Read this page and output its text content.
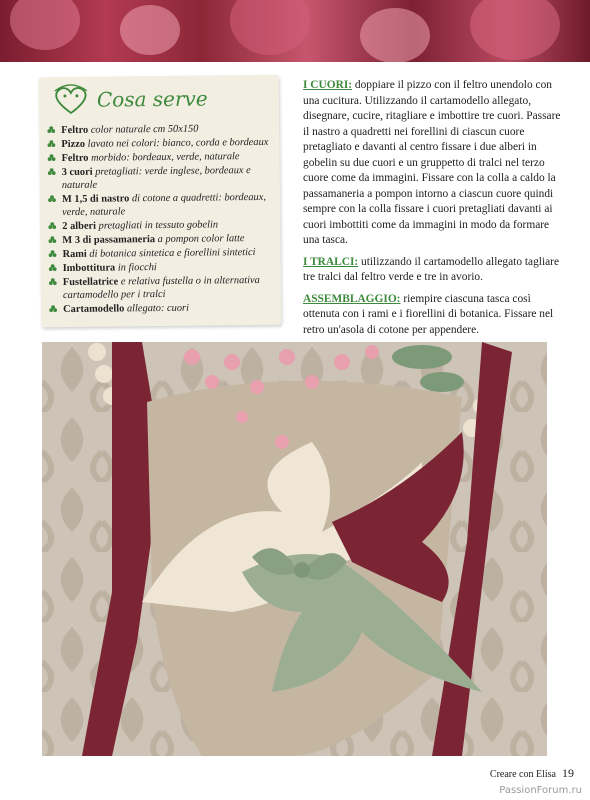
Cosa serve
Feltro color naturale cm 50x150
Pizzo lavato nei colori: bianco, corda e bordeaux
Feltro morbido: bordeaux, verde, naturale
3 cuori pretagliati: verde inglese, bordeaux e naturale
M 1,5 di nastro di cotone a quadretti: bordeaux, verde, naturale
2 alberi pretagliati in tessuto gobelin
M 3 di passamaneria a pompon color latte
Rami di botanica sintetica e fiorellini sintetici
Imbottitura in fiocchi
Fustellatrice e relativa fustella o in alternativa cartamodello per i tralci
Cartamodello allegato: cuori

I CUORI: doppiare il pizzo con il feltro unendolo con una cucitura. Utilizzando il cartamodello allegato, disegnare, cucire, ritagliare e imbottire tre cuori. Passare il nastro a quadretti nei forellini di ciascun cuore pretagliato e davanti al centro fissare i due alberi in gobelin su due cuori e un gruppetto di tralci nel terzo cuore come da immagini. Fissare con la colla a caldo la passamaneria a pompon intorno a ciascun cuore quindi sempre con la colla fissare i cuori pretagliati davanti ai cuori imbottiti come da immagini in modo da formare una tasca.

I TRALCI: utilizzando il cartamodello allegato tagliare tre tralci dal feltro verde e tre in avorio.

ASSEMBLAGGIO: riempire ciascuna tasca così ottenuta con i rami e i fiorellini di botanica. Fissare nel retro un'asola di cotone per appendere.

Creare con Elisa 19
PassionForum.ru
